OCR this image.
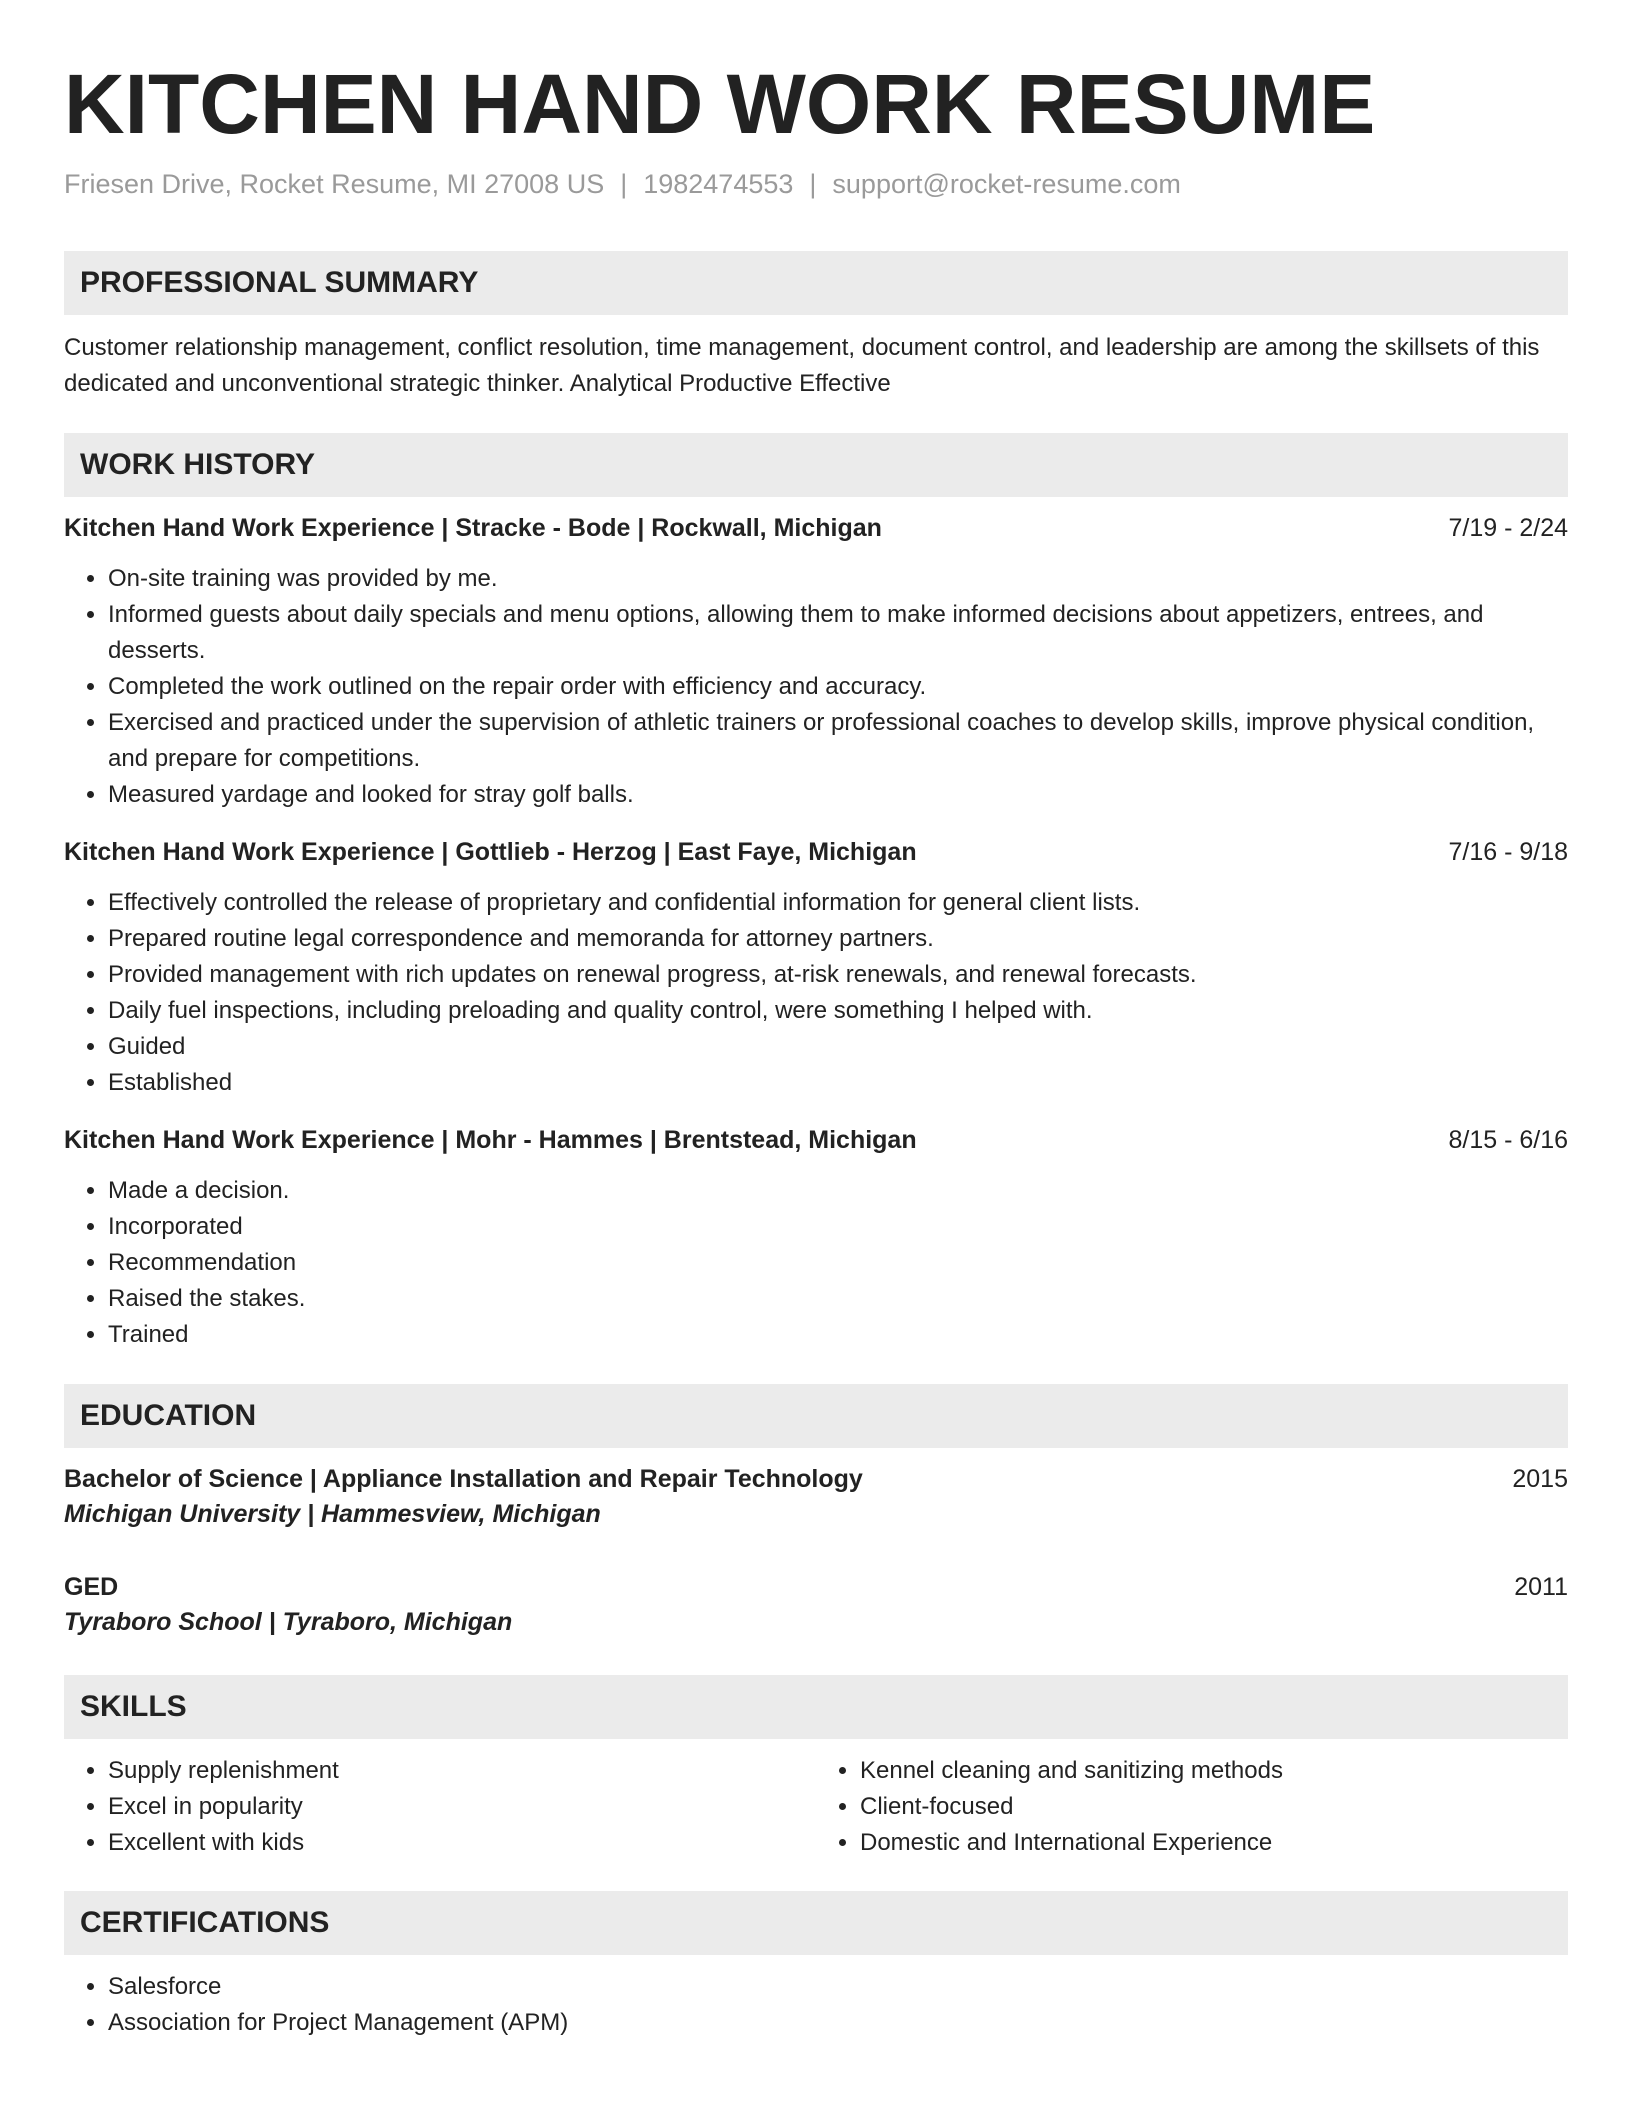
KITCHEN HAND WORK RESUME
Friesen Drive, Rocket Resume, MI 27008 US | 1982474553 | support@rocket-resume.com
PROFESSIONAL SUMMARY
Customer relationship management, conflict resolution, time management, document control, and leadership are among the skillsets of this dedicated and unconventional strategic thinker. Analytical Productive Effective
WORK HISTORY
Kitchen Hand Work Experience | Stracke - Bode | Rockwall, Michigan	7/19 - 2/24
• On-site training was provided by me.
• Informed guests about daily specials and menu options, allowing them to make informed decisions about appetizers, entrees, and desserts.
• Completed the work outlined on the repair order with efficiency and accuracy.
• Exercised and practiced under the supervision of athletic trainers or professional coaches to develop skills, improve physical condition, and prepare for competitions.
• Measured yardage and looked for stray golf balls.
Kitchen Hand Work Experience | Gottlieb - Herzog | East Faye, Michigan	7/16 - 9/18
• Effectively controlled the release of proprietary and confidential information for general client lists.
• Prepared routine legal correspondence and memoranda for attorney partners.
• Provided management with rich updates on renewal progress, at-risk renewals, and renewal forecasts.
• Daily fuel inspections, including preloading and quality control, were something I helped with.
• Guided
• Established
Kitchen Hand Work Experience | Mohr - Hammes | Brentstead, Michigan	8/15 - 6/16
• Made a decision.
• Incorporated
• Recommendation
• Raised the stakes.
• Trained
EDUCATION
Bachelor of Science | Appliance Installation and Repair Technology	2015
Michigan University | Hammesview, Michigan
GED	2011
Tyraboro School | Tyraboro, Michigan
SKILLS
• Supply replenishment
• Excel in popularity
• Excellent with kids
• Kennel cleaning and sanitizing methods
• Client-focused
• Domestic and International Experience
CERTIFICATIONS
• Salesforce
• Association for Project Management (APM)
